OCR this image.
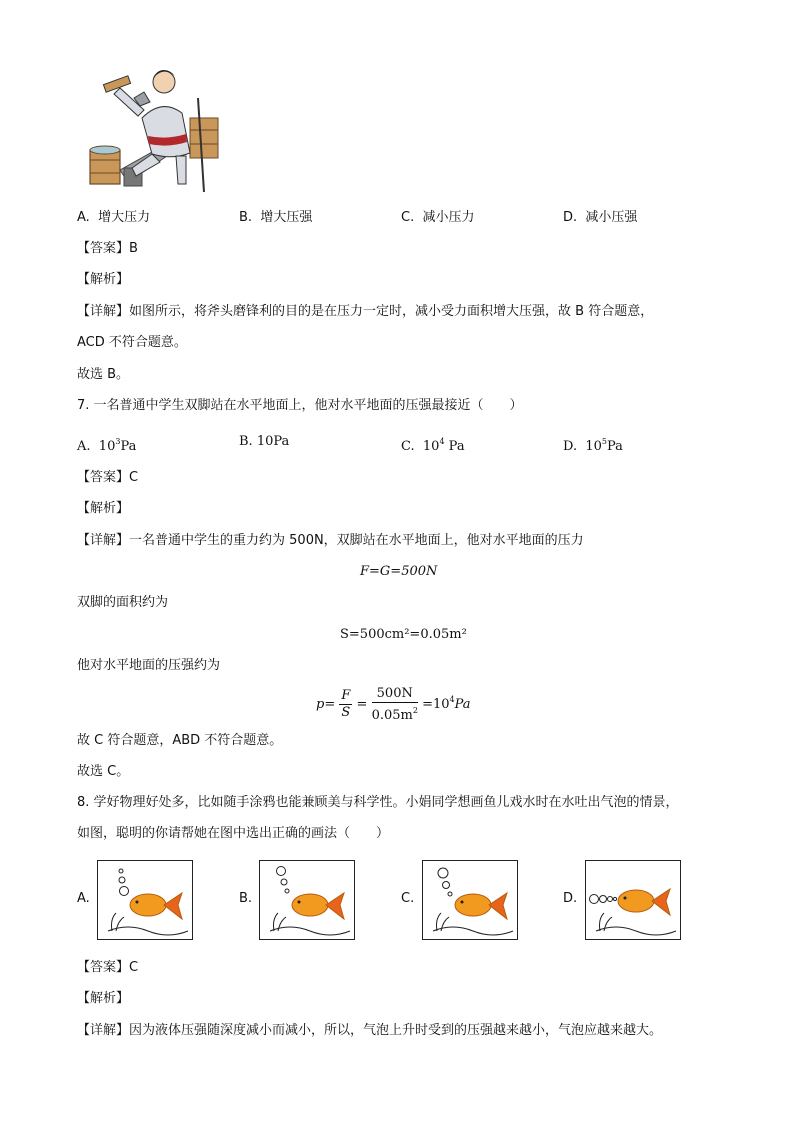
A. 增大压力	B. 增大压强	C. 减小压力	D. 减小压强
【答案】B
【解析】
【详解】如图所示，将斧头磨锋利的目的是在压力一定时，减小受力面积增大压强，故 B 符合题意，
ACD 不符合题意。
故选 B。
7. 一名普通中学生双脚站在水平地面上，他对水平地面的压强最接近（　　）
A. $10^3Pa$	B. 10Pa	C. $10^4$ Pa	D. $10^5Pa$
【答案】C
【解析】
【详解】一名普通中学生的重力约为 500N，双脚站在水平地面上，他对水平地面的压力
F=G=500N
双脚的面积约为
S=500cm²=0.05m²
他对水平地面的压强约为
$p= \frac{F}{S} = \frac{500N}{0.05m^2} =10^4Pa$
故 C 符合题意，ABD 不符合题意。
故选 C。
8. 学好物理好处多，比如随手涂鸦也能兼顾美与科学性。小娟同学想画鱼儿戏水时在水吐出气泡的情景，
如图，聪明的你请帮她在图中选出正确的画法（　　）
A.	B.	C.	D.
【答案】C
【解析】
【详解】因为液体压强随深度减小而减小，所以，气泡上升时受到的压强越来越小，气泡应越来越大。
